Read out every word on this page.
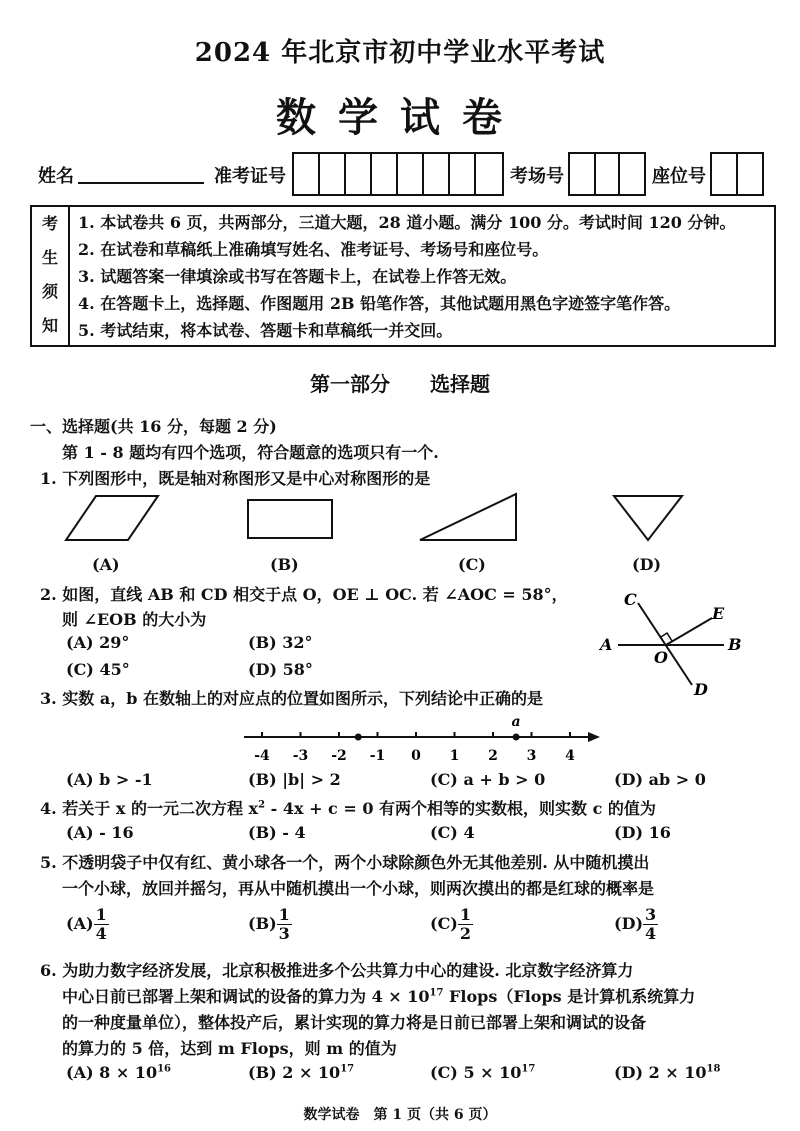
2024 年北京市初中学业水平考试
数学试卷
姓名	准考证号	考场号	座位号
考
生
须
知
1. 本试卷共 6 页，共两部分，三道大题，28 道小题。满分 100 分。考试时间 120 分钟。
2. 在试卷和草稿纸上准确填写姓名、准考证号、考场号和座位号。
3. 试题答案一律填涂或书写在答题卡上，在试卷上作答无效。
4. 在答题卡上，选择题、作图题用 2B 铅笔作答，其他试题用黑色字迹签字笔作答。
5. 考试结束，将本试卷、答题卡和草稿纸一并交回。
第一部分　　选择题
一、选择题(共 16 分，每题 2 分)
第 1 - 8 题均有四个选项，符合题意的选项只有一个.
1. 下列图形中，既是轴对称图形又是中心对称图形的是
(A)	(B)	(C)	(D)
2. 如图，直线 AB 和 CD 相交于点 O，OE ⊥ OC. 若 ∠AOC = 58°，
则 ∠EOB 的大小为
(A) 29°	(B) 32°
(C) 45°	(D) 58°
A	B
C
D
E
O
3. 实数 a，b 在数轴上的对应点的位置如图所示，下列结论中正确的是
-4 -3 -2 -1 0 1 2 3 4
a
(A) b > -1	(B) |b| > 2	(C) a + b > 0	(D) ab > 0
4. 若关于 x 的一元二次方程 $x^2 - 4x + c = 0$ 有两个相等的实数根，则实数 c 的值为
(A) - 16	(B) - 4	(C) 4	(D) 16
5. 不透明袋子中仅有红、黄小球各一个，两个小球除颜色外无其他差别. 从中随机摸出
一个小球，放回并摇匀，再从中随机摸出一个小球，则两次摸出的都是红球的概率是
$(A) \frac{1}{4}$	$(B) \frac{1}{3}$	$(C) \frac{1}{2}$	$(D) \frac{3}{4}$
6. 为助力数字经济发展，北京积极推进多个公共算力中心的建设. 北京数字经济算力
中心日前已部署上架和调试的设备的算力为 $4 \times 10^{17}$ Flops（Flops 是计算机系统算力
的一种度量单位），整体投产后，累计实现的算力将是日前已部署上架和调试的设备
的算力的 5 倍，达到 m Flops，则 m 的值为
(A) $8 \times 10^{16}$	(B) $2 \times 10^{17}$	(C) $5 \times 10^{17}$	(D) $2 \times 10^{18}$
数学试卷　第 1 页（共 6 页）
